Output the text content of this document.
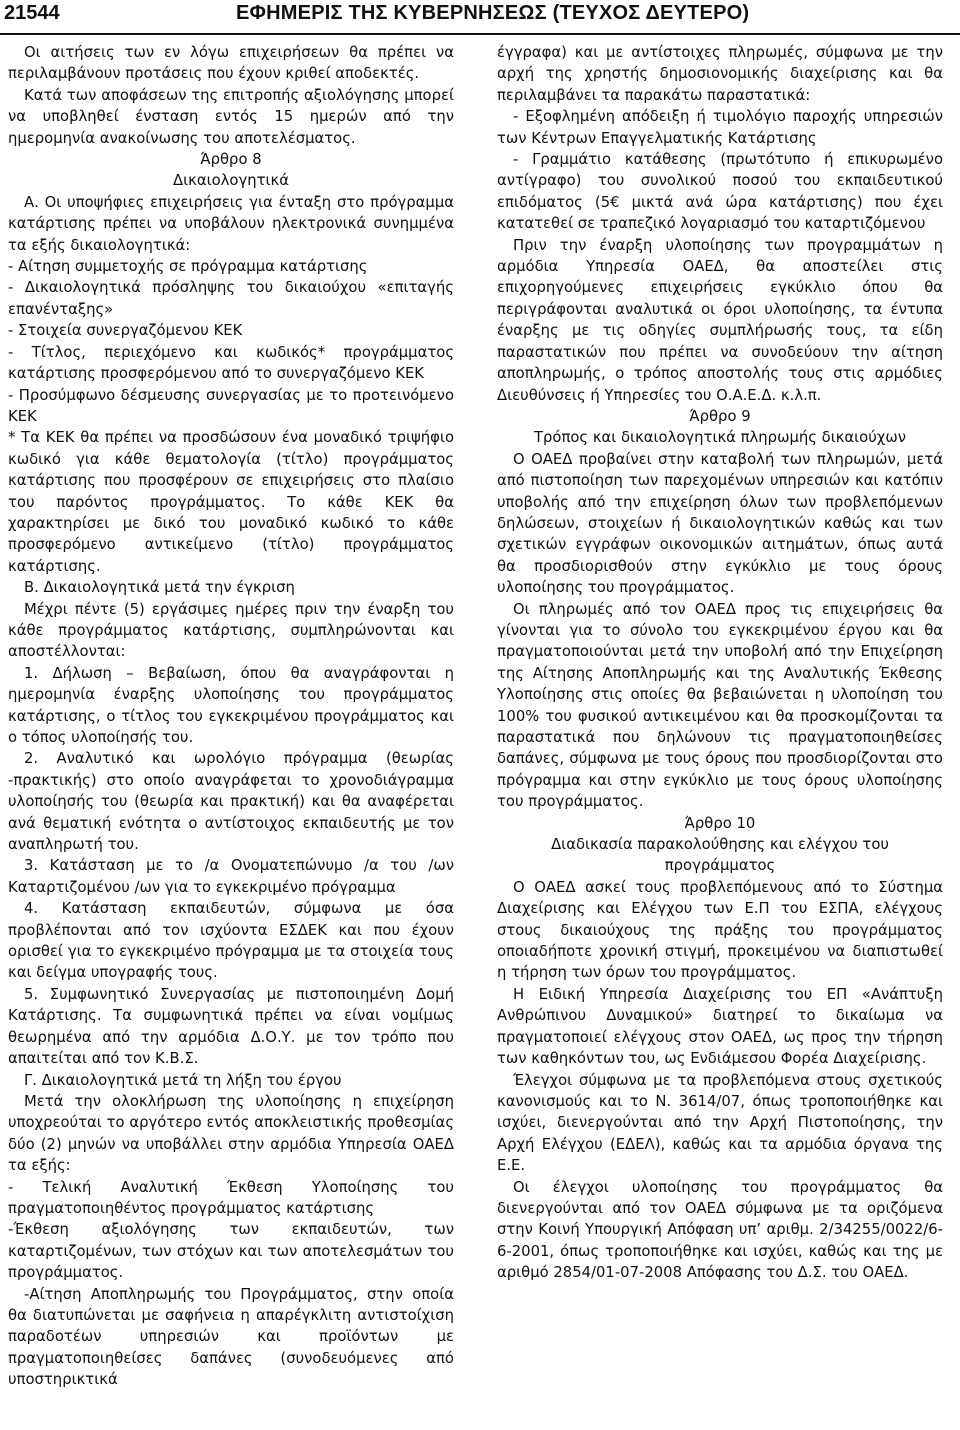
21544	ΕΦΗΜΕΡΙΣ ΤΗΣ ΚΥΒΕΡΝΗΣΕΩΣ (ΤΕΥΧΟΣ ΔΕΥΤΕΡΟ)

Οι αιτήσεις των εν λόγω επιχειρήσεων θα πρέπει να περιλαμβάνουν προτάσεις που έχουν κριθεί αποδεκτές.

Κατά των αποφάσεων της επιτροπής αξιολόγησης μπορεί να υποβληθεί ένσταση εντός 15 ημερών από την ημερομηνία ανακοίνωσης του αποτελέσματος.

Άρθρο 8

Δικαιολογητικά

Α. Οι υποψήφιες επιχειρήσεις για ένταξη στο πρόγραμμα κατάρτισης πρέπει να υποβάλουν ηλεκτρονικά συνημμένα τα εξής δικαιολογητικά:

- Αίτηση συμμετοχής σε πρόγραμμα κατάρτισης

- Δικαιολογητικά πρόσληψης του δικαιούχου «επιταγής επανένταξης»

- Στοιχεία συνεργαζόμενου ΚΕΚ

- Τίτλος, περιεχόμενο και κωδικός* προγράμματος κατάρτισης προσφερόμενου από το συνεργαζόμενο ΚΕΚ

- Προσύμφωνο δέσμευσης συνεργασίας με το προτεινόμενο ΚΕΚ

* Τα ΚΕΚ θα πρέπει να προσδώσουν ένα μοναδικό τριψήφιο κωδικό για κάθε θεματολογία (τίτλο) προγράμματος κατάρτισης που προσφέρουν σε επιχειρήσεις στο πλαίσιο του παρόντος προγράμματος. Το κάθε ΚΕΚ θα χαρακτηρίσει με δικό του μοναδικό κωδικό το κάθε προσφερόμενο αντικείμενο (τίτλο) προγράμματος κατάρτισης.

Β. Δικαιολογητικά μετά την έγκριση

Μέχρι πέντε (5) εργάσιμες ημέρες πριν την έναρξη του κάθε προγράμματος κατάρτισης, συμπληρώνονται και αποστέλλονται:

1. Δήλωση – Βεβαίωση, όπου θα αναγράφονται η ημερομηνία έναρξης υλοποίησης του προγράμματος κατάρτισης, ο τίτλος του εγκεκριμένου προγράμματος και ο τόπος υλοποίησής του.

2. Αναλυτικό και ωρολόγιο πρόγραμμα (θεωρίας -πρακτικής) στο οποίο αναγράφεται το χρονοδιάγραμμα υλοποίησής του (θεωρία και πρακτική) και θα αναφέρεται ανά θεματική ενότητα ο αντίστοιχος εκπαιδευτής με τον αναπληρωτή του.

3. Κατάσταση με το /α Ονοματεπώνυμο /α του /ων Καταρτιζομένου /ων για το εγκεκριμένο πρόγραμμα

4. Κατάσταση εκπαιδευτών, σύμφωνα με όσα προβλέπονται από τον ισχύοντα ΕΣΔΕΚ και που έχουν ορισθεί για το εγκεκριμένο πρόγραμμα με τα στοιχεία τους και δείγμα υπογραφής τους.

5. Συμφωνητικό Συνεργασίας με πιστοποιημένη Δομή Κατάρτισης. Τα συμφωνητικά πρέπει να είναι νομίμως θεωρημένα από την αρμόδια Δ.Ο.Υ. με τον τρόπο που απαιτείται από τον Κ.Β.Σ.

Γ. Δικαιολογητικά μετά τη λήξη του έργου

Μετά την ολοκλήρωση της υλοποίησης η επιχείρηση υποχρεούται το αργότερο εντός αποκλειστικής προθεσμίας δύο (2) μηνών να υποβάλλει στην αρμόδια Υπηρεσία ΟΑΕΔ τα εξής:

- Τελική Αναλυτική Έκθεση Υλοποίησης του πραγματοποιηθέντος προγράμματος κατάρτισης

-Έκθεση αξιολόγησης των εκπαιδευτών, των καταρτιζομένων, των στόχων και των αποτελεσμάτων του προγράμματος.

-Αίτηση Αποπληρωμής του Προγράμματος, στην οποία θα διατυπώνεται με σαφήνεια η απαρέγκλιτη αντιστοίχιση παραδοτέων υπηρεσιών και προϊόντων με πραγματοποιηθείσες δαπάνες (συνοδευόμενες από υποστηρικτικά

έγγραφα) και με αντίστοιχες πληρωμές, σύμφωνα με την αρχή της χρηστής δημοσιονομικής διαχείρισης και θα περιλαμβάνει τα παρακάτω παραστατικά:

- Εξοφλημένη απόδειξη ή τιμολόγιο παροχής υπηρεσιών των Κέντρων Επαγγελματικής Κατάρτισης

- Γραμμάτιο κατάθεσης (πρωτότυπο ή επικυρωμένο αντίγραφο) του συνολικού ποσού του εκπαιδευτικού επιδόματος (5€ μικτά ανά ώρα κατάρτισης) που έχει κατατεθεί σε τραπεζικό λογαριασμό του καταρτιζόμενου

Πριν την έναρξη υλοποίησης των προγραμμάτων η αρμόδια Υπηρεσία ΟΑΕΔ, θα αποστείλει στις επιχορηγούμενες επιχειρήσεις εγκύκλιο όπου θα περιγράφονται αναλυτικά οι όροι υλοποίησης, τα έντυπα έναρξης με τις οδηγίες συμπλήρωσής τους, τα είδη παραστατικών που πρέπει να συνοδεύουν την αίτηση αποπληρωμής, ο τρόπος αποστολής τους στις αρμόδιες Διευθύνσεις ή Υπηρεσίες του Ο.Α.Ε.Δ. κ.λ.π.

Άρθρο 9

Τρόπος και δικαιολογητικά πληρωμής δικαιούχων

Ο ΟΑΕΔ προβαίνει στην καταβολή των πληρωμών, μετά από πιστοποίηση των παρεχομένων υπηρεσιών και κατόπιν υποβολής από την επιχείρηση όλων των προβλεπόμενων δηλώσεων, στοιχείων ή δικαιολογητικών καθώς και των σχετικών εγγράφων οικονομικών αιτημάτων, όπως αυτά θα προσδιορισθούν στην εγκύκλιο με τους όρους υλοποίησης του προγράμματος.

Οι πληρωμές από τον ΟΑΕΔ προς τις επιχειρήσεις θα γίνονται για το σύνολο του εγκεκριμένου έργου και θα πραγματοποιούνται μετά την υποβολή από την Επιχείρηση της Αίτησης Αποπληρωμής και της Αναλυτικής Έκθεσης Υλοποίησης στις οποίες θα βεβαιώνεται η υλοποίηση του 100% του φυσικού αντικειμένου και θα προσκομίζονται τα παραστατικά που δηλώνουν τις πραγματοποιηθείσες δαπάνες, σύμφωνα με τους όρους που προσδιορίζονται στο πρόγραμμα και στην εγκύκλιο με τους όρους υλοποίησης του προγράμματος.

Άρθρο 10

Διαδικασία παρακολούθησης και ελέγχου του προγράμματος

Ο ΟΑΕΔ ασκεί τους προβλεπόμενους από το Σύστημα Διαχείρισης και Ελέγχου των Ε.Π του ΕΣΠΑ, ελέγχους στους δικαιούχους της πράξης του προγράμματος οποιαδήποτε χρονική στιγμή, προκειμένου να διαπιστωθεί η τήρηση των όρων του προγράμματος.

Η Ειδική Υπηρεσία Διαχείρισης του ΕΠ «Ανάπτυξη Ανθρώπινου Δυναμικού» διατηρεί το δικαίωμα να πραγματοποιεί ελέγχους στον ΟΑΕΔ, ως προς την τήρηση των καθηκόντων του, ως Ενδιάμεσου Φορέα Διαχείρισης.

Έλεγχοι σύμφωνα με τα προβλεπόμενα στους σχετικούς κανονισμούς και το Ν. 3614/07, όπως τροποποιήθηκε και ισχύει, διενεργούνται από την Αρχή Πιστοποίησης, την Αρχή Ελέγχου (ΕΔΕΛ), καθώς και τα αρμόδια όργανα της Ε.Ε.

Οι έλεγχοι υλοποίησης του προγράμματος θα διενεργούνται από τον ΟΑΕΔ σύμφωνα με τα οριζόμενα στην Κοινή Υπουργική Απόφαση υπ’ αριθμ. 2/34255/0022/6-6-2001, όπως τροποποιήθηκε και ισχύει, καθώς και της με αριθμό 2854/01-07-2008 Απόφασης του Δ.Σ. του ΟΑΕΔ.
